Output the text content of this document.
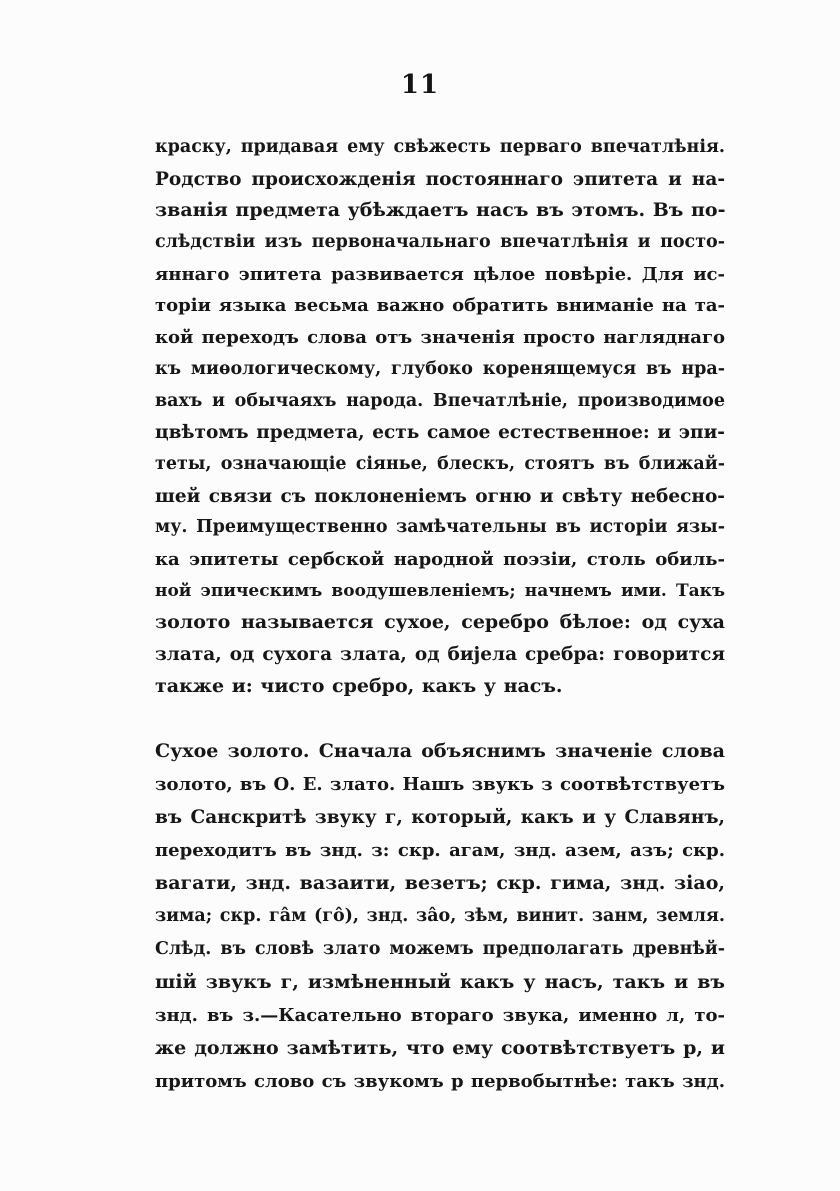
11
краску, придавая ему свѣжесть перваго впечатлѣнія.
Родство происхожденія постояннаго эпитета и на-
званія предмета убѣждаетъ насъ въ этомъ. Въ по-
слѣдствіи изъ первоначальнаго впечатлѣнія и посто-
яннаго эпитета развивается цѣлое повѣріе. Для ис-
торіи языка весьма важно обратить вниманіе на та-
кой переходъ слова отъ значенія просто нагляднаго
къ миѳологическому, глубоко коренящемуся въ нра-
вахъ и обычаяхъ народа. Впечатлѣніе, производимое
цвѣтомъ предмета, есть самое естественное: и эпи-
теты, означающіе сіянье, блескъ, стоятъ въ ближай-
шей связи съ поклоненіемъ огню и свѣту небесно-
му. Преимущественно замѣчательны въ исторіи язы-
ка эпитеты сербской народной поэзіи, столь обиль-
ной эпическимъ воодушевленіемъ; начнемъ ими. Такъ
золото называется сухое, серебро бѣлое: од суха
злата, од сухога злата, од бијела сребра: говорится
также и: чисто сребро, какъ у насъ.
Сухое золото. Сначала объяснимъ значеніе слова
золото, въ О. Е. злато. Нашъ звукъ з соотвѣтствуетъ
въ Санскритѣ звуку г, который, какъ и у Славянъ,
переходитъ въ знд. з: скр. агам, знд. азем, азъ; скр.
вагати, знд. вазаити, везетъ; скр. гима, знд. зіао,
зима; скр. гâм (гô), знд. зâо, зѣм, винит. занм, земля.
Слѣд. въ словѣ злато можемъ предполагать древнѣй-
шій звукъ г, измѣненный какъ у насъ, такъ и въ
знд. въ з.—Касательно втораго звука, именно л, то-
же должно замѣтить, что ему соотвѣтствуетъ р, и
притомъ слово съ звукомъ р первобытнѣе: такъ знд.
